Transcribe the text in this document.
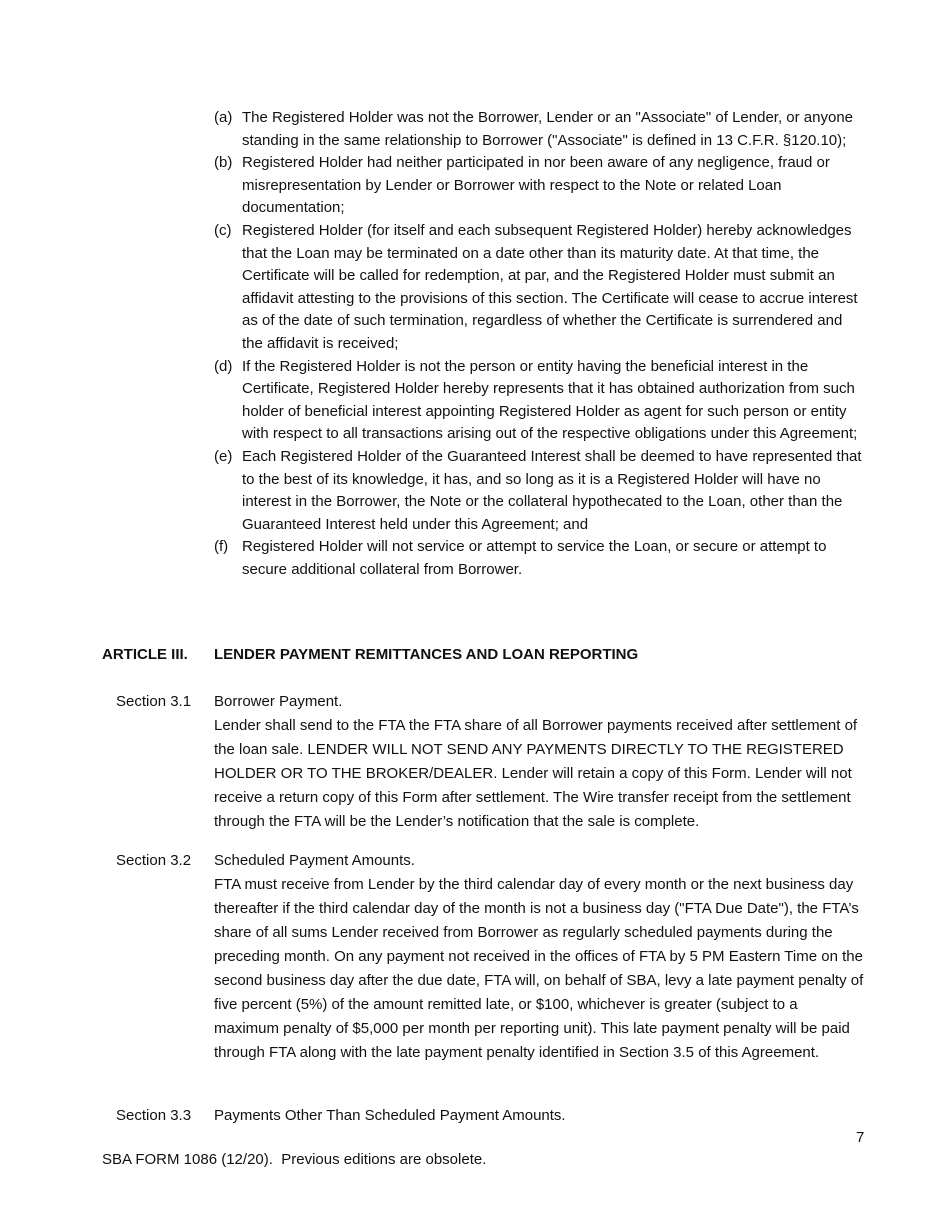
(a) The Registered Holder was not the Borrower, Lender or an "Associate" of Lender, or anyone standing in the same relationship to Borrower ("Associate" is defined in 13 C.F.R. §120.10);
(b) Registered Holder had neither participated in nor been aware of any negligence, fraud or misrepresentation by Lender or Borrower with respect to the Note or related Loan documentation;
(c) Registered Holder (for itself and each subsequent Registered Holder) hereby acknowledges that the Loan may be terminated on a date other than its maturity date. At that time, the Certificate will be called for redemption, at par, and the Registered Holder must submit an affidavit attesting to the provisions of this section. The Certificate will cease to accrue interest as of the date of such termination, regardless of whether the Certificate is surrendered and the affidavit is received;
(d) If the Registered Holder is not the person or entity having the beneficial interest in the Certificate, Registered Holder hereby represents that it has obtained authorization from such holder of beneficial interest appointing Registered Holder as agent for such person or entity with respect to all transactions arising out of the respective obligations under this Agreement;
(e) Each Registered Holder of the Guaranteed Interest shall be deemed to have represented that to the best of its knowledge, it has, and so long as it is a Registered Holder will have no interest in the Borrower, the Note or the collateral hypothecated to the Loan, other than the Guaranteed Interest held under this Agreement; and
(f) Registered Holder will not service or attempt to service the Loan, or secure or attempt to secure additional collateral from Borrower.
ARTICLE III. LENDER PAYMENT REMITTANCES AND LOAN REPORTING
Section 3.1 Borrower Payment.
Lender shall send to the FTA the FTA share of all Borrower payments received after settlement of the loan sale. LENDER WILL NOT SEND ANY PAYMENTS DIRECTLY TO THE REGISTERED HOLDER OR TO THE BROKER/DEALER. Lender will retain a copy of this Form. Lender will not receive a return copy of this Form after settlement. The Wire transfer receipt from the settlement through the FTA will be the Lender’s notification that the sale is complete.
Section 3.2 Scheduled Payment Amounts.
FTA must receive from Lender by the third calendar day of every month or the next business day thereafter if the third calendar day of the month is not a business day ("FTA Due Date"), the FTA’s share of all sums Lender received from Borrower as regularly scheduled payments during the preceding month. On any payment not received in the offices of FTA by 5 PM Eastern Time on the second business day after the due date, FTA will, on behalf of SBA, levy a late payment penalty of five percent (5%) of the amount remitted late, or $100, whichever is greater (subject to a maximum penalty of $5,000 per month per reporting unit). This late payment penalty will be paid through FTA along with the late payment penalty identified in Section 3.5 of this Agreement.
Section 3.3 Payments Other Than Scheduled Payment Amounts.
7
SBA FORM 1086 (12/20).  Previous editions are obsolete.
